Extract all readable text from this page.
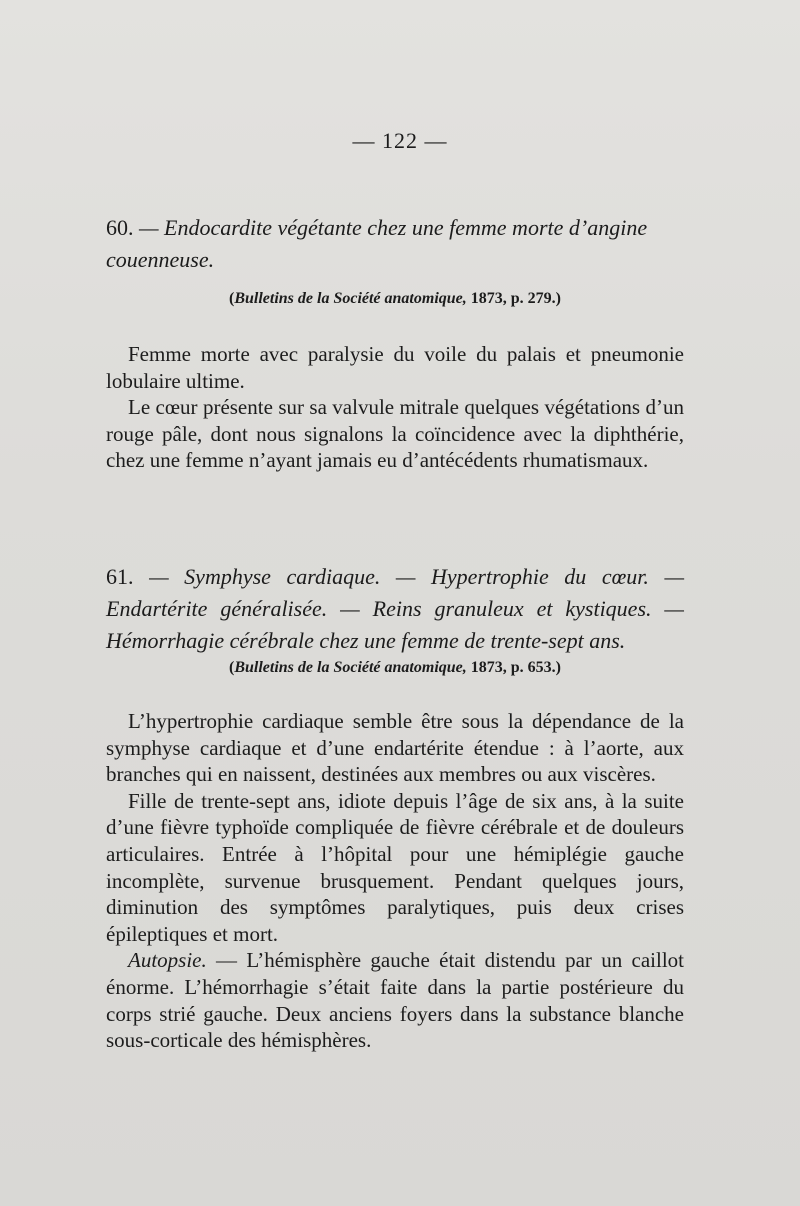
— 122 —
60. — Endocardite végétante chez une femme morte d’angine
couenneuse.
(Bulletins de la Société anatomique, 1873, p. 279.)

Femme morte avec paralysie du voile du palais et pneumonie lobulaire ultime.

Le cœur présente sur sa valvule mitrale quelques végétations d’un rouge pâle, dont nous signalons la coïncidence avec la diphthérie, chez une femme n’ayant jamais eu d’antécédents rhumatismaux.

61. — Symphyse cardiaque. — Hypertrophie du cœur. — Endartérite généralisée. — Reins granuleux et kystiques. — Hémorrhagie cérébrale chez une femme de trente-sept ans.
(Bulletins de la Société anatomique, 1873, p. 653.)

L’hypertrophie cardiaque semble être sous la dépendance de la symphyse cardiaque et d’une endartérite étendue : à l’aorte, aux branches qui en naissent, destinées aux membres ou aux viscères.

Fille de trente-sept ans, idiote depuis l’âge de six ans, à la suite d’une fièvre typhoïde compliquée de fièvre cérébrale et de douleurs articulaires. Entrée à l’hôpital pour une hémiplégie gauche incomplète, survenue brusquement. Pendant quelques jours, diminution des symptômes paralytiques, puis deux crises épileptiques et mort.

Autopsie. — L’hémisphère gauche était distendu par un caillot énorme. L’hémorrhagie s’était faite dans la partie postérieure du corps strié gauche. Deux anciens foyers dans la substance blanche sous-corticale des hémisphères.
